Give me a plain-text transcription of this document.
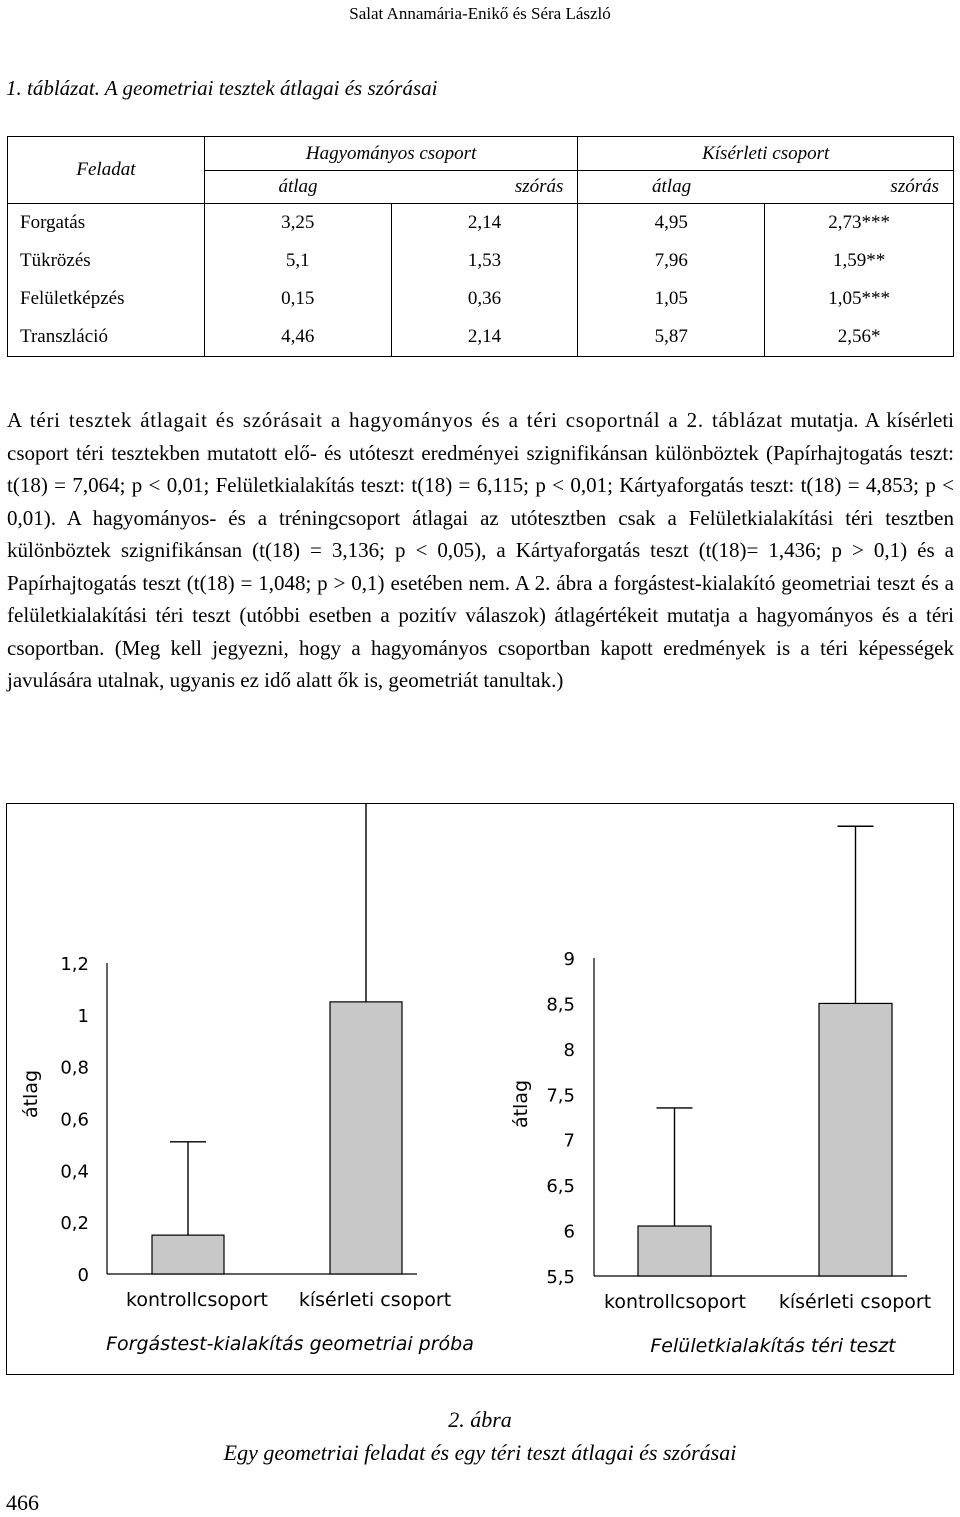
Salat Annamária-Enikő és Séra László
1. táblázat. A geometriai tesztek átlagai és szórásai
Feladat	Hagyományos csoport		Kísérleti csoport	
	átlag	szórás	átlag	szórás
Forgatás	3,25	2,14	4,95	2,73***
Tükrözés	5,1	1,53	7,96	1,59**
Felületképzés	0,15	0,36	1,05	1,05***
Transzláció	4,46	2,14	5,87	2,56*

A téri tesztek átlagait és szórásait a hagyományos és a téri csoportnál a 2. táblázat mutatja. A kísérleti csoport téri tesztekben mutatott elő- és utóteszt eredményei szignifikánsan különböztek (Papírhajtogatás teszt: t(18) = 7,064; p < 0,01; Felületkialakítás teszt: t(18) = 6,115; p < 0,01; Kártyaforgatás teszt: t(18) = 4,853; p < 0,01). A hagyományos- és a tréningcsoport átlagai az utótesztben csak a Felületkialakítási téri tesztben különböztek szignifikánsan (t(18) = 3,136; p < 0,05), a Kártyaforgatás teszt (t(18)= 1,436; p > 0,1) és a Papírhajtogatás teszt (t(18) = 1,048; p > 0,1) esetében nem. A 2. ábra a forgástest-kialakító geometriai teszt és a felületkialakítási téri teszt (utóbbi esetben a pozitív válaszok) átlagértékeit mutatja a hagyományos és a téri csoportban. (Meg kell jegyezni, hogy a hagyományos csoportban kapott eredmények is a téri képességek javulására utalnak, ugyanis ez idő alatt ők is, geometriát tanultak.)

0
0,2
0,4
0,6
0,8
1
1,2
átlag
kontrollcsoport kísérleti csoport
Forgástest-kialakítás geometriai próba
5,5
6
6,5
7
7,5
8
8,5
9
átlag
kontrollcsoport kísérleti csoport
Felületkialakítás téri teszt
2. ábra
Egy geometriai feladat és egy téri teszt átlagai és szórásai
466
